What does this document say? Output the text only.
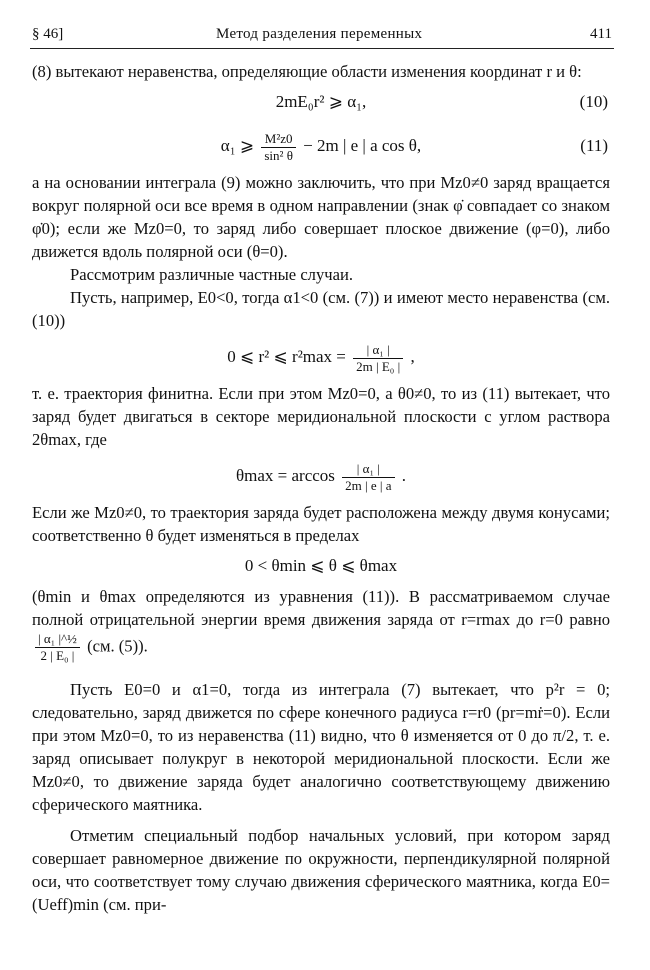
§ 46]	Метод разделения переменных	411

(8) вытекают неравенства, определяющие области изменения координат r и θ:

2mE₀r² ⩾ α₁,	(10)
α₁ ⩾ $\frac{\text{M²z0}}{\text{sin² θ}} - 2m$ | e | a cos θ,	(11)

а на основании интеграла (9) можно заключить, что при Mz0≠0 заряд вращается вокруг полярной оси все время в одном направлении (знак φ̇ совпадает со знаком φ̇0); если же Mz0=0, то заряд либо совершает плоское движение (φ=0), либо движется вдоль полярной оси (θ=0).

Рассмотрим различные частные случаи.

Пусть, например, E0<0, тогда α1<0 (см. (7)) и имеют место неравенства (см. (10))

0 ⩽ r² ⩽ $r^2\max = \frac{\text{| α₁ |}}{\text{2m | E₀ |}}$ ,

т. е. траектория финитна. Если при этом Mz0=0, а θ0≠0, то из (11) вытекает, что заряд будет двигаться в секторе меридиональной плоскости с углом раствора 2θmax, где

$\theta\max = \arccos \frac{\text{| α₁ |}}{2m | e | a}$ .

Если же Mz0≠0, то траектория заряда будет расположена между двумя конусами; соответственно θ будет изменяться в пределах

0 < θmin ⩽ θ ⩽ θmax

(θmin и θmax определяются из уравнения (11)). В рассматриваемом случае полной отрицательной энергии время движения заряда от r=rmax до r=0 равно
$\frac{\text{| α₁ |\textasciicircum{}½}}{\text{2 | E₀ |}} (см$. (5)).

Пусть E0=0 и α1=0, тогда из интеграла (7) вытекает, что p²r = 0; следовательно, заряд движется по сфере конечного радиуса r=r0 (pr=mṙ=0). Если при этом Mz0=0, то из неравенства (11) видно, что θ изменяется от 0 до π/2, т. е. заряд описывает полукруг в некоторой меридиональной плоскости. Если же Mz0≠0, то движение заряда будет аналогично соответствующему движению сферического маятника.

Отметим специальный подбор начальных условий, при котором заряд совершает равномерное движение по окружности, перпендикулярной полярной оси, что соответствует тому случаю движения сферического маятника, когда E0=(Ueff)min (см. при-
